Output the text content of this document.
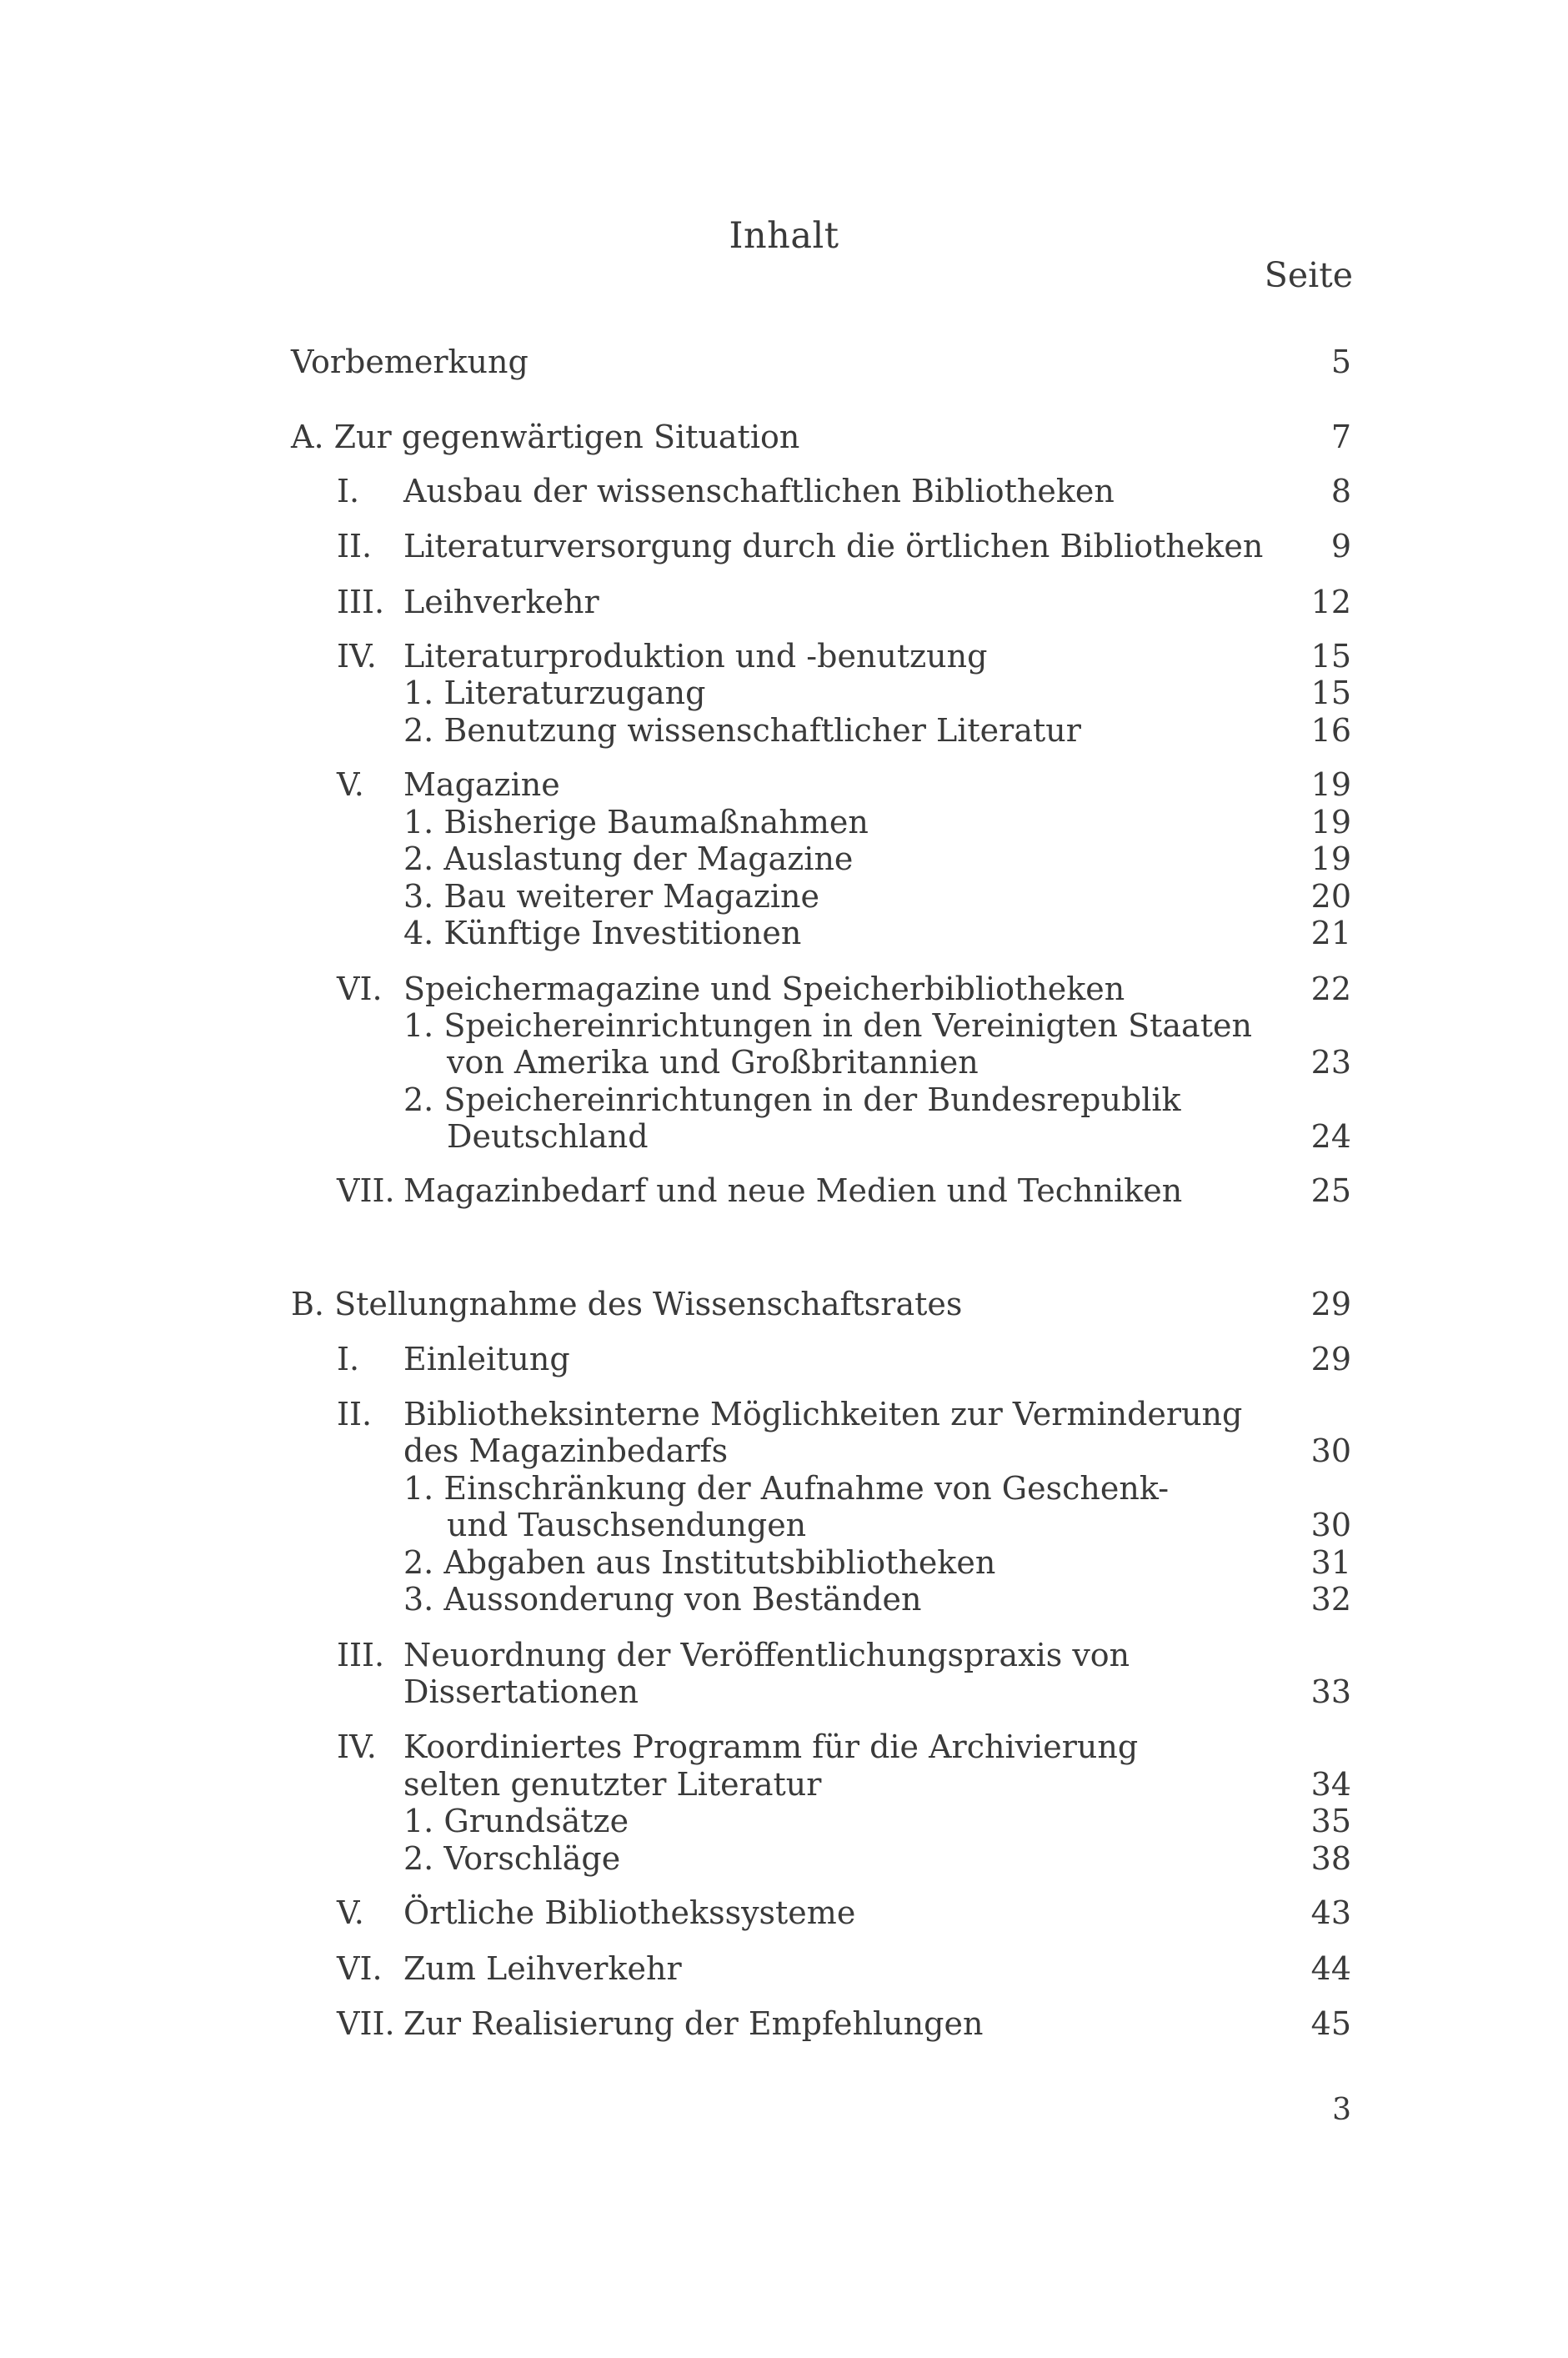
Inhalt
Seite
Vorbemerkung	5
A. Zur gegenwärtigen Situation	7
I. Ausbau der wissenschaftlichen Bibliotheken	8
II. Literaturversorgung durch die örtlichen Bibliotheken 9
III. Leihverkehr	12
IV. Literaturproduktion und -benutzung	15
1. Literaturzugang	15
2. Benutzung wissenschaftlicher Literatur	16
V. Magazine	19
1. Bisherige Baumaßnahmen	19
2. Auslastung der Magazine	19
3. Bau weiterer Magazine	20
4. Künftige Investitionen	21
VI. Speichermagazine und Speicherbibliotheken	22
1. Speichereinrichtungen in den Vereinigten Staaten
von Amerika und Großbritannien	23
2. Speichereinrichtungen in der Bundesrepublik
Deutschland	24
VII. Magazinbedarf und neue Medien und Techniken	25
B. Stellungnahme des Wissenschaftsrates	29
I. Einleitung	29
II. Bibliotheksinterne Möglichkeiten zur Verminderung
des Magazinbedarfs	30
1. Einschränkung der Aufnahme von Geschenk-
und Tauschsendungen	30
2. Abgaben aus Institutsbibliotheken	31
3. Aussonderung von Beständen	32
III. Neuordnung der Veröffentlichungspraxis von
Dissertationen	33
IV. Koordiniertes Programm für die Archivierung
selten genutzter Literatur	34
1. Grundsätze	35
2. Vorschläge	38
V. Örtliche Bibliothekssysteme	43
VI. Zum Leihverkehr	44
VII. Zur Realisierung der Empfehlungen	45
3
